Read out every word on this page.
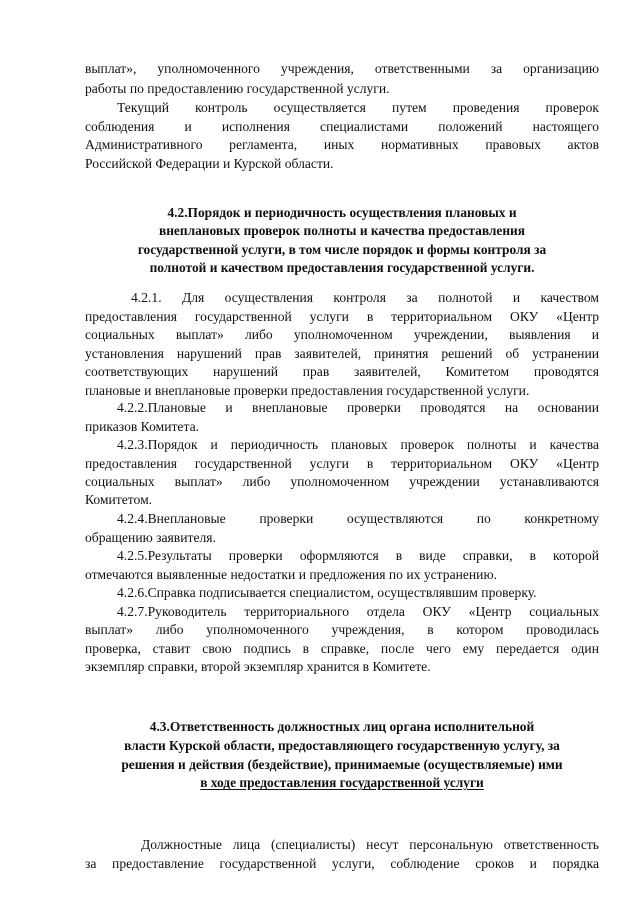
выплат», уполномоченного учреждения, ответственными за организацию
работы по предоставлению государственной услуги.
Текущий контроль осуществляется путем проведения проверок
соблюдения и исполнения специалистами положений настоящего
Административного регламента, иных нормативных правовых актов
Российской Федерации и Курской области.
4.2.Порядок и периодичность осуществления плановых и
внеплановых проверок полноты и качества предоставления
государственной услуги, в том числе порядок и формы контроля за
полнотой и качеством предоставления государственной услуги.
4.2.1. Для осуществления контроля за полнотой и качеством
предоставления государственной услуги в территориальном ОКУ «Центр
социальных выплат» либо уполномоченном учреждении, выявления и
установления нарушений прав заявителей, принятия решений об устранении
соответствующих нарушений прав заявителей, Комитетом проводятся
плановые и внеплановые проверки предоставления государственной услуги.
4.2.2.Плановые и внеплановые проверки проводятся на основании
приказов Комитета.
4.2.3.Порядок и периодичность плановых проверок полноты и качества
предоставления государственной услуги в территориальном ОКУ «Центр
социальных выплат» либо уполномоченном учреждении устанавливаются
Комитетом.
4.2.4.Внеплановые проверки осуществляются по конкретному
обращению заявителя.
4.2.5.Результаты проверки оформляются в виде справки, в которой
отмечаются выявленные недостатки и предложения по их устранению.
4.2.6.Справка подписывается специалистом, осуществлявшим проверку.
4.2.7.Руководитель территориального отдела ОКУ «Центр социальных
выплат» либо уполномоченного учреждения, в котором проводилась
проверка, ставит свою подпись в справке, после чего ему передается один
экземпляр справки, второй экземпляр хранится в Комитете.
4.3.Ответственность должностных лиц органа исполнительной
власти Курской области, предоставляющего государственную услугу, за
решения и действия (бездействие), принимаемые (осуществляемые) ими
в ходе предоставления государственной услуги
Должностные лица (специалисты) несут персональную ответственность
за предоставление государственной услуги, соблюдение сроков и порядка
